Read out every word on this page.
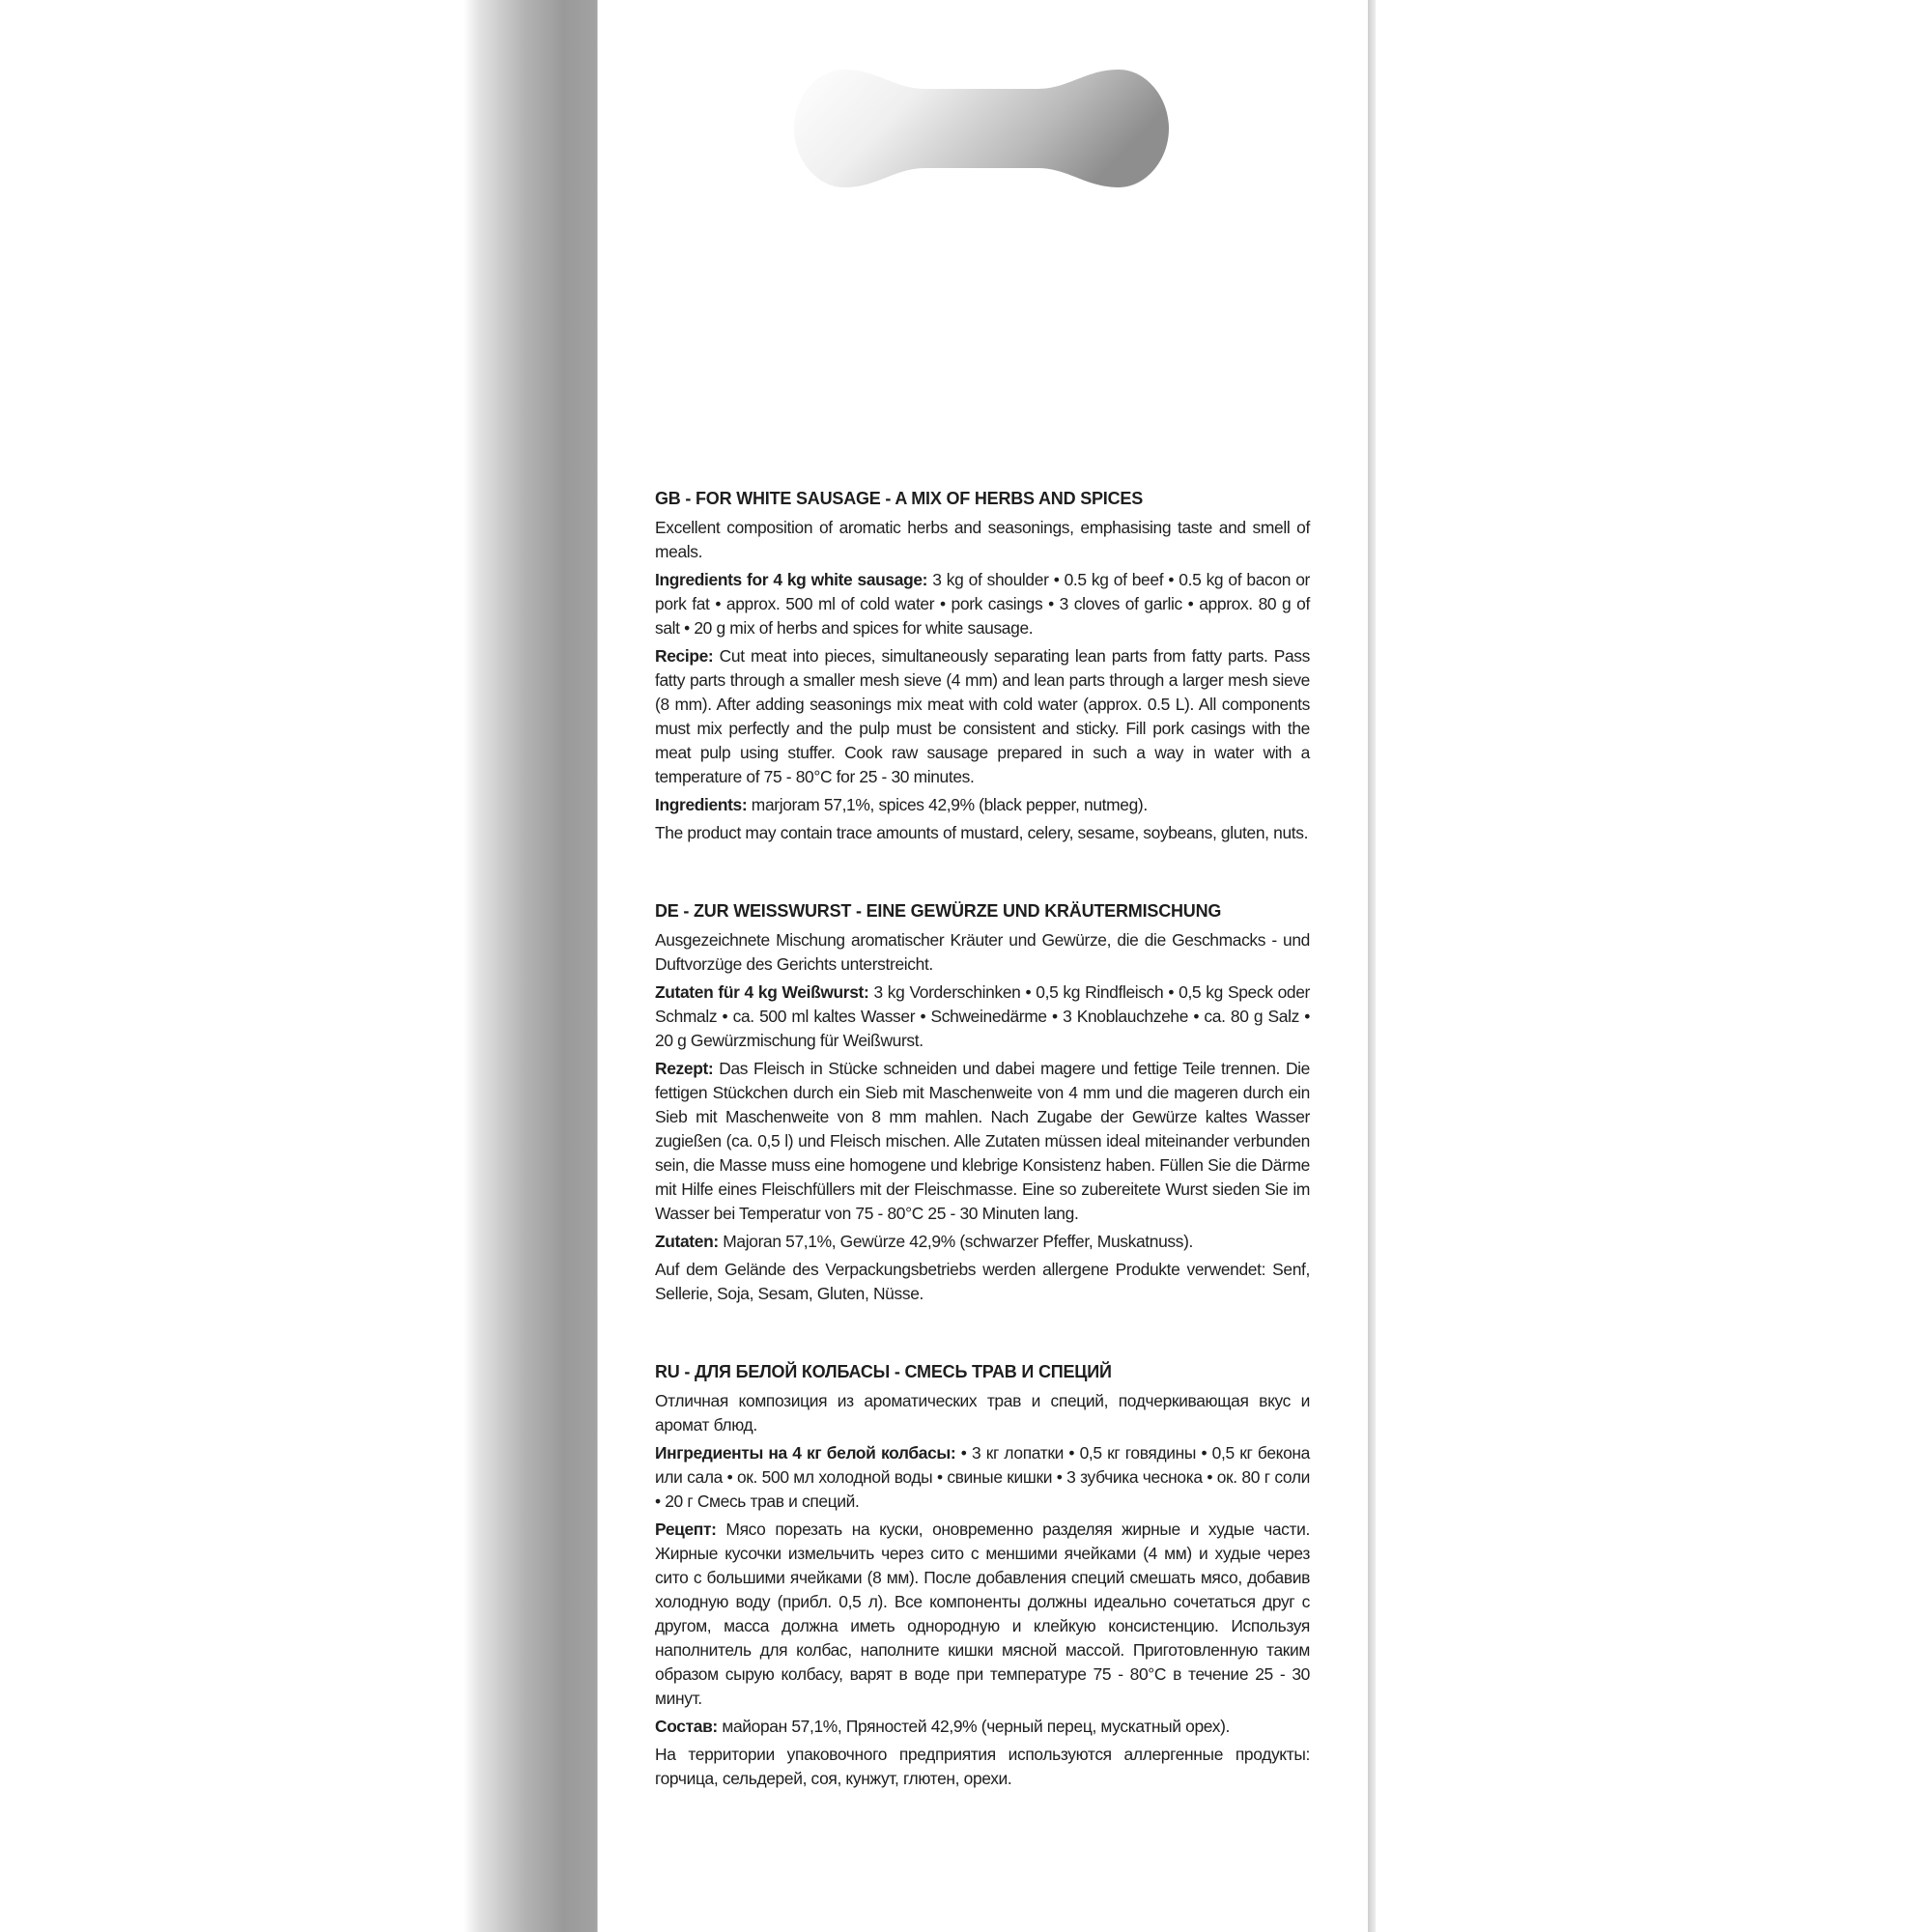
GB - FOR WHITE SAUSAGE - A MIX OF HERBS AND SPICES

Excellent composition of aromatic herbs and seasonings, emphasising taste and smell of meals.

Ingredients for 4 kg white sausage: 3 kg of shoulder • 0.5 kg of beef • 0.5 kg of bacon or pork fat • approx. 500 ml of cold water • pork casings • 3 cloves of garlic • approx. 80 g of salt • 20 g mix of herbs and spices for white sausage.

Recipe: Cut meat into pieces, simultaneously separating lean parts from fatty parts. Pass fatty parts through a smaller mesh sieve (4 mm) and lean parts through a larger mesh sieve (8 mm). After adding seasonings mix meat with cold water (approx. 0.5 L). All components must mix perfectly and the pulp must be consistent and sticky. Fill pork casings with the meat pulp using stuffer. Cook raw sausage prepared in such a way in water with a temperature of 75 - 80°C for 25 - 30 minutes.

Ingredients: marjoram 57,1%, spices 42,9% (black pepper, nutmeg).

The product may contain trace amounts of mustard, celery, sesame, soybeans, gluten, nuts.

DE - ZUR WEISSWURST - EINE GEWÜRZE UND KRÄUTERMISCHUNG

Ausgezeichnete Mischung aromatischer Kräuter und Gewürze, die die Geschmacks - und Duftvorzüge des Gerichts unterstreicht.

Zutaten für 4 kg Weißwurst: 3 kg Vorderschinken • 0,5 kg Rindfleisch • 0,5 kg Speck oder Schmalz • ca. 500 ml kaltes Wasser • Schweinedärme • 3 Knoblauchzehe • ca. 80 g Salz • 20 g Gewürzmischung für Weißwurst.

Rezept: Das Fleisch in Stücke schneiden und dabei magere und fettige Teile trennen. Die fettigen Stückchen durch ein Sieb mit Maschenweite von 4 mm und die mageren durch ein Sieb mit Maschenweite von 8 mm mahlen. Nach Zugabe der Gewürze kaltes Wasser zugießen (ca. 0,5 l) und Fleisch mischen. Alle Zutaten müssen ideal miteinander verbunden sein, die Masse muss eine homogene und klebrige Konsistenz haben. Füllen Sie die Därme mit Hilfe eines Fleischfüllers mit der Fleischmasse. Eine so zubereitete Wurst sieden Sie im Wasser bei Temperatur von 75 - 80°C 25 - 30 Minuten lang.

Zutaten: Majoran 57,1%, Gewürze 42,9% (schwarzer Pfeffer, Muskatnuss).

Auf dem Gelände des Verpackungsbetriebs werden allergene Produkte verwendet: Senf, Sellerie, Soja, Sesam, Gluten, Nüsse.

RU - ДЛЯ БЕЛОЙ КОЛБАСЫ - СМЕСЬ ТРАВ И СПЕЦИЙ

Отличная композиция из ароматических трав и специй, подчеркивающая вкус и аромат блюд.

Ингредиенты на 4 кг белой колбасы: • 3 кг лопатки • 0,5 кг говядины • 0,5 кг бекона или сала • ок. 500 мл холодной воды • свиные кишки • 3 зубчика чеснока • ок. 80 г соли • 20 г Смесь трав и специй.

Рецепт: Мясо порезать на куски, оновременно разделяя жирные и худые части. Жирные кусочки измельчить через сито с меншими ячейками (4 мм) и худые через сито с большими ячейками (8 мм). После добавления специй смешать мясо, добавив холодную воду (прибл. 0,5 л). Все компоненты должны идеально сочетаться друг с другом, масса должна иметь однородную и клейкую консистенцию. Используя наполнитель для колбас, наполните кишки мясной массой. Приготовленную таким образом сырую колбасу, варят в воде при температуре 75 - 80°C в течение 25 - 30 минут.

Состав: майоран 57,1%, Пряностей 42,9% (черный перец, мускатный орех).

На территории упаковочного предприятия используются аллергенные продукты: горчица, сельдерей, соя, кунжут, глютен, орехи.
